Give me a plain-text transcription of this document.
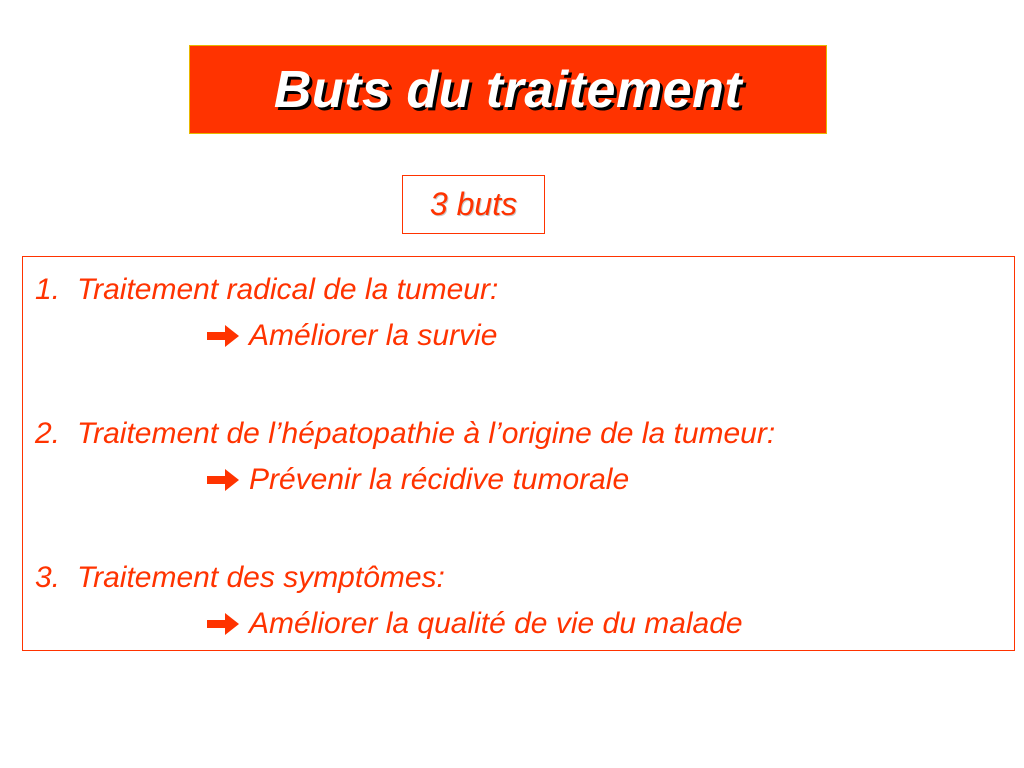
Buts du traitement
3 buts
1. Traitement radical de la tumeur:
Améliorer la survie
2. Traitement de l’hépatopathie à l’origine de la tumeur:
Prévenir la récidive tumorale
3. Traitement des symptômes:
Améliorer la qualité de vie du malade
